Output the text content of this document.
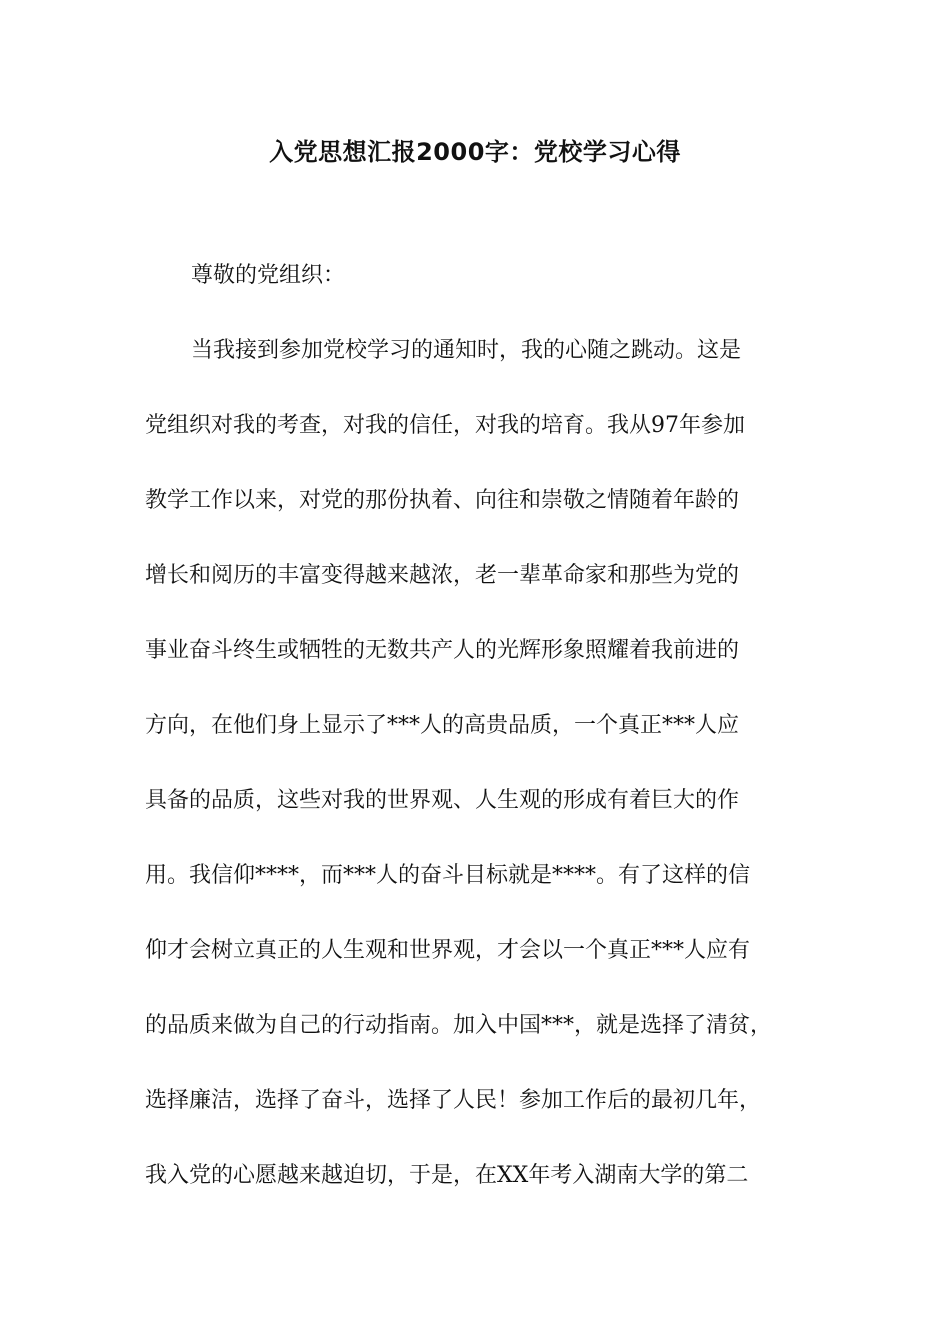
入党思想汇报2000字：党校学习心得
尊敬的党组织：
当我接到参加党校学习的通知时，我的心随之跳动。这是
党组织对我的考查，对我的信任，对我的培育。我从97年参加
教学工作以来，对党的那份执着、向往和崇敬之情随着年龄的
增长和阅历的丰富变得越来越浓，老一辈革命家和那些为党的
事业奋斗终生或牺牲的无数共产人的光辉形象照耀着我前进的
方向，在他们身上显示了***人的高贵品质，一个真正***人应
具备的品质，这些对我的世界观、人生观的形成有着巨大的作
用。我信仰****，而***人的奋斗目标就是****。有了这样的信
仰才会树立真正的人生观和世界观，才会以一个真正***人应有
的品质来做为自己的行动指南。加入中国***，就是选择了清贫，
选择廉洁，选择了奋斗，选择了人民！参加工作后的最初几年，
我入党的心愿越来越迫切，于是，在XX年考入湖南大学的第二
